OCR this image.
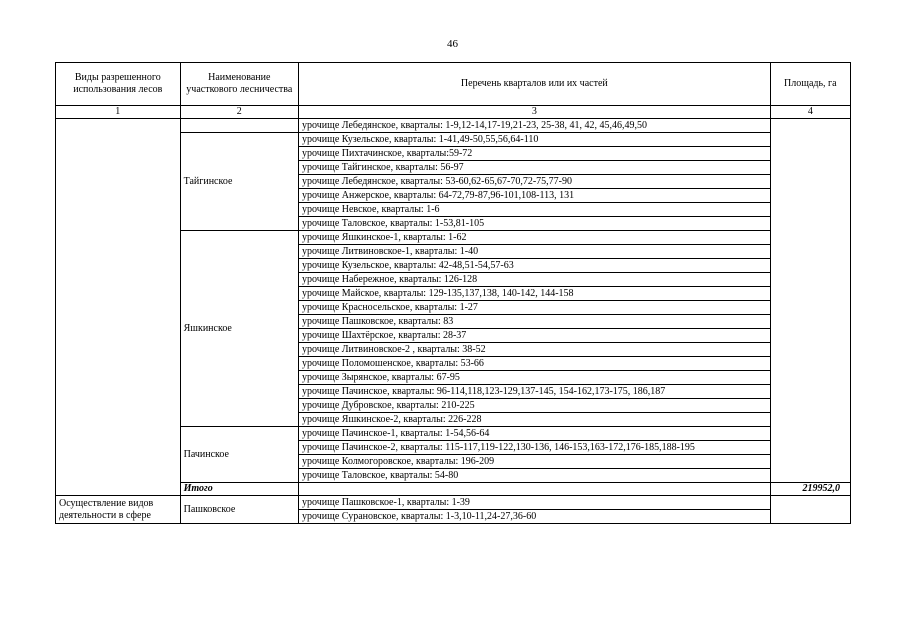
46
Виды разрешенного использования лесов	Наименование участкового лесничества	Перечень кварталов или их частей	Площадь, га
1	2	3	4
		урочище Лебедянское, кварталы: 1-9,12-14,17-19,21-23, 25-38, 41, 42, 45,46,49,50	
	Тайгинское	урочище Кузельское, кварталы: 1-41,49-50,55,56,64-110	
		урочище Пихтачинское, кварталы:59-72	
		урочище Тайгинское, кварталы: 56-97	
		урочище Лебедянское, кварталы: 53-60,62-65,67-70,72-75,77-90	
		урочище Анжерское, кварталы: 64-72,79-87,96-101,108-113, 131	
		урочище Невское, кварталы: 1-6	
		урочище Таловское, кварталы: 1-53,81-105	
	Яшкинское	урочище Яшкинское-1, кварталы: 1-62	
		урочище Литвиновское-1, кварталы: 1-40	
		урочище Кузельское, кварталы: 42-48,51-54,57-63	
		урочище Набережное, кварталы: 126-128	
		урочище Майское, кварталы: 129-135,137,138, 140-142, 144-158	
		урочище Красносельское, кварталы: 1-27	
		урочище Пашковское, кварталы: 83	
		урочище Шахтёрское, кварталы: 28-37	
		урочище Литвиновское-2 , кварталы: 38-52	
		урочище Поломошенское, кварталы: 53-66	
		урочище Зырянское, кварталы: 67-95	
		урочище Пачинское, кварталы: 96-114,118,123-129,137-145, 154-162,173-175, 186,187	
		урочище Дубровское, кварталы: 210-225	
		урочище Яшкинское-2, кварталы: 226-228	
	Пачинское	урочище Пачинское-1, кварталы: 1-54,56-64	
		урочище Пачинское-2, кварталы: 115-117,119-122,130-136, 146-153,163-172,176-185,188-195	
		урочище Колмогоровское, кварталы: 196-209	
		урочище Таловское, кварталы: 54-80	
	Итого		219952,0
Осуществление видов деятельности в сфере	Пашковское	урочище Пашковское-1, кварталы: 1-39	
		урочище Сурановское, кварталы: 1-3,10-11,24-27,36-60	
